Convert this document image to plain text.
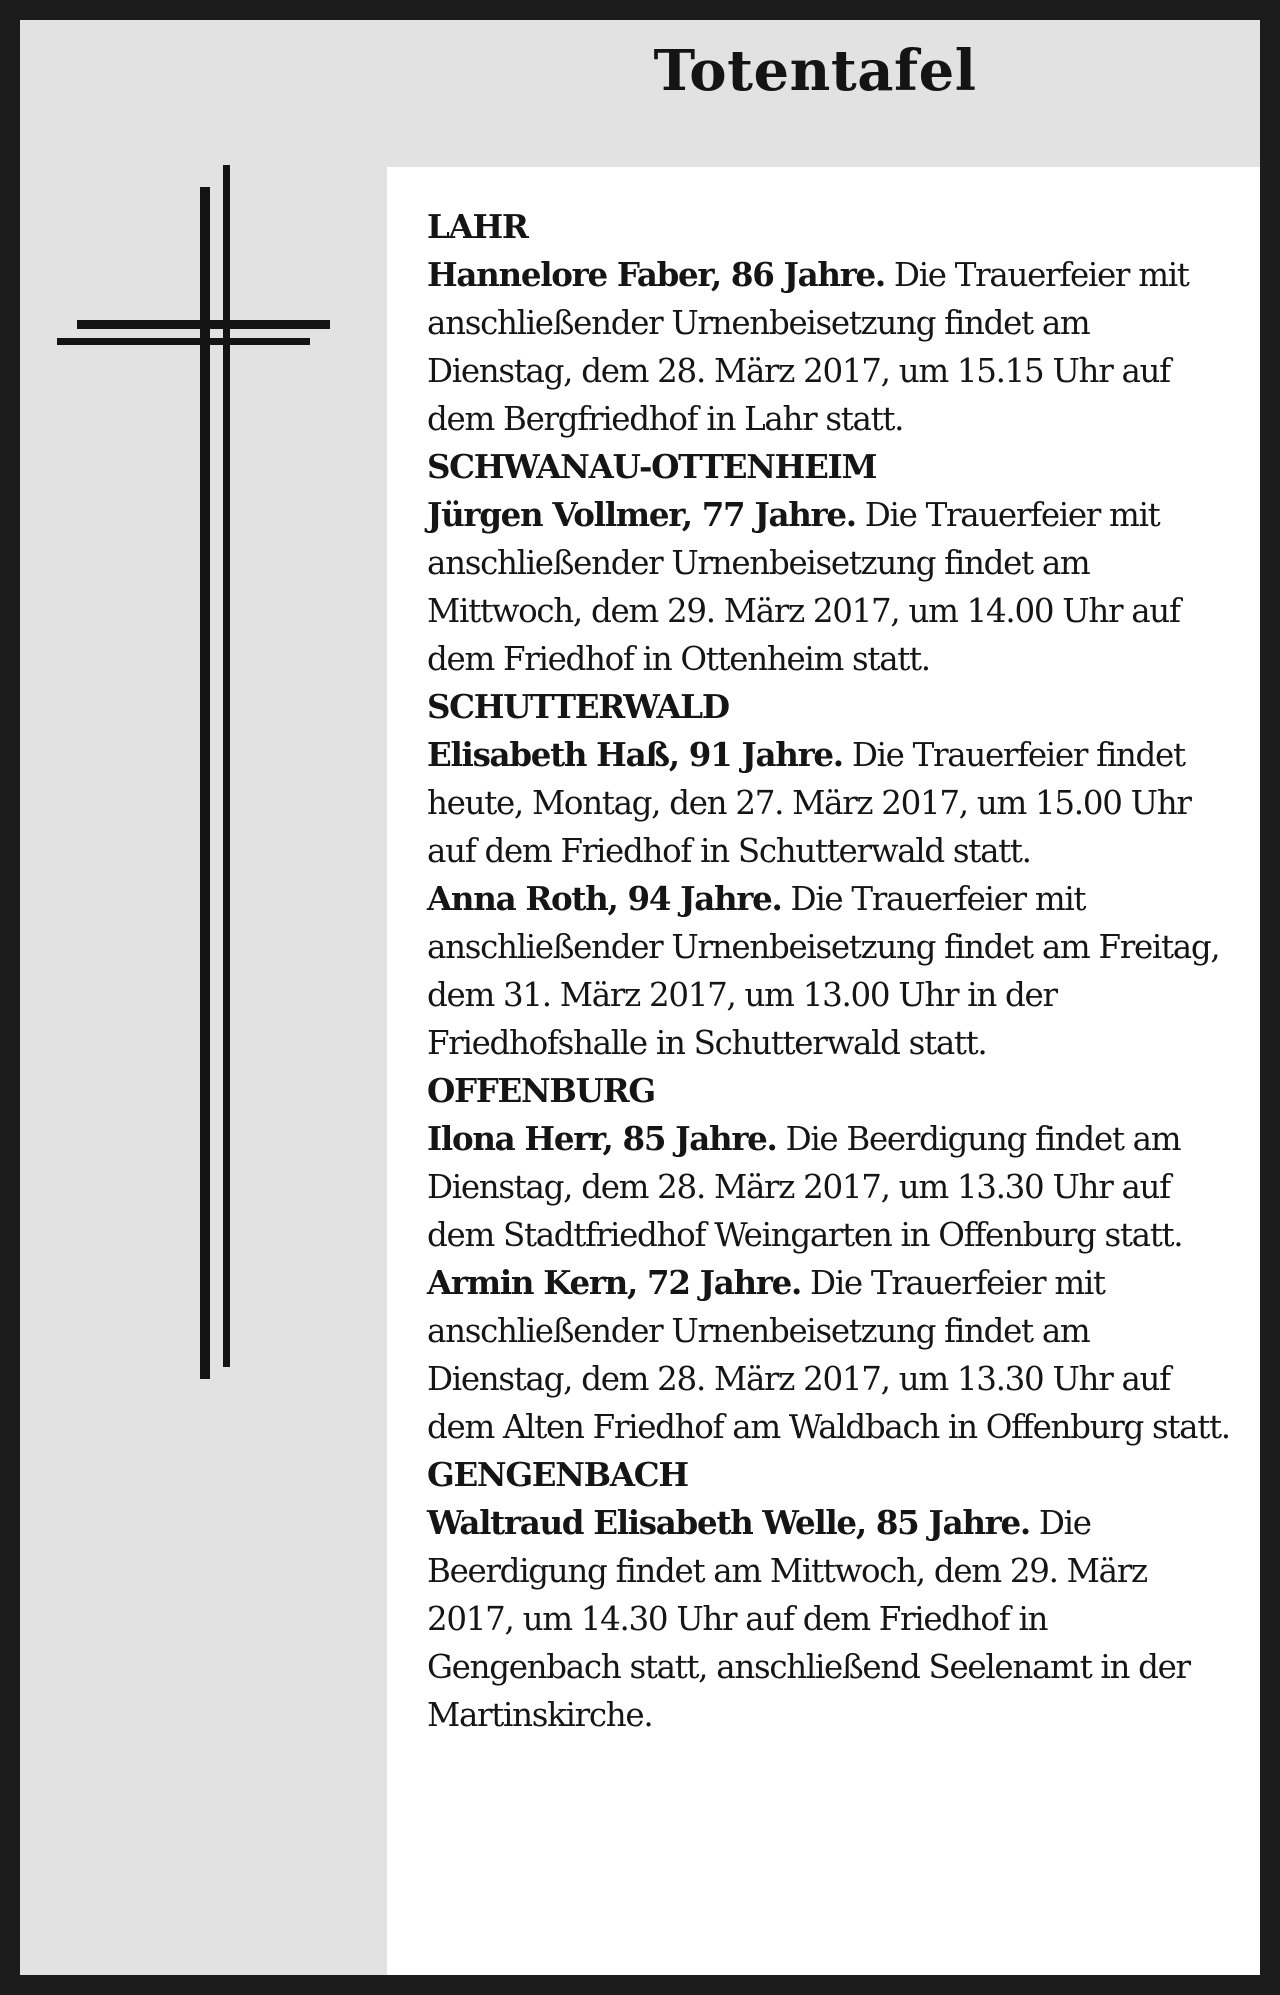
Totentafel
LAHR
Hannelore Faber, 86 Jahre. Die Trauerfeier mit anschließender Urnenbeisetzung findet am Dienstag, dem 28. März 2017, um 15.15 Uhr auf dem Bergfriedhof in Lahr statt.
SCHWANAU-OTTENHEIM
Jürgen Vollmer, 77 Jahre. Die Trauerfeier mit anschließender Urnenbeisetzung findet am Mittwoch, dem 29. März 2017, um 14.00 Uhr auf dem Friedhof in Ottenheim statt.
SCHUTTERWALD
Elisabeth Haß, 91 Jahre. Die Trauerfeier findet heute, Montag, den 27. März 2017, um 15.00 Uhr auf dem Friedhof in Schutterwald statt.
Anna Roth, 94 Jahre. Die Trauerfeier mit anschließender Urnenbeisetzung findet am Freitag, dem 31. März 2017, um 13.00 Uhr in der Friedhofshalle in Schutterwald statt.
OFFENBURG
Ilona Herr, 85 Jahre. Die Beerdigung findet am Dienstag, dem 28. März 2017, um 13.30 Uhr auf dem Stadtfriedhof Weingarten in Offenburg statt.
Armin Kern, 72 Jahre. Die Trauerfeier mit anschließender Urnenbeisetzung findet am Dienstag, dem 28. März 2017, um 13.30 Uhr auf dem Alten Friedhof am Waldbach in Offenburg statt.
GENGENBACH
Waltraud Elisabeth Welle, 85 Jahre. Die Beerdigung findet am Mittwoch, dem 29. März 2017, um 14.30 Uhr auf dem Friedhof in Gengenbach statt, anschließend Seelenamt in der Martinskirche.
